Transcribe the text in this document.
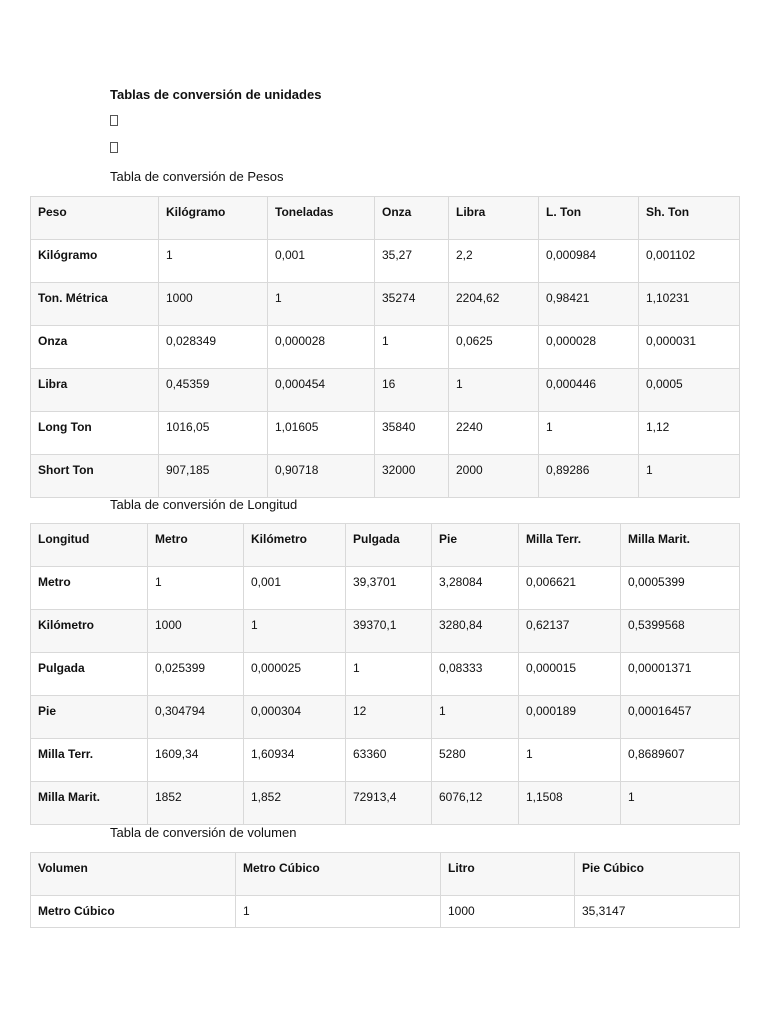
Tablas de conversión de unidades
Tabla de conversión de Pesos
Peso	Kilógramo	Toneladas	Onza	Libra	L. Ton	Sh. Ton
Kilógramo	1	0,001	35,27	2,2	0,000984	0,001102
Ton. Métrica	1000	1	35274	2204,62	0,98421	1,10231
Onza	0,028349	0,000028	1	0,0625	0,000028	0,000031
Libra	0,45359	0,000454	16	1	0,000446	0,0005
Long Ton	1016,05	1,01605	35840	2240	1	1,12
Short Ton	907,185	0,90718	32000	2000	0,89286	1
Tabla de conversión de Longitud
Longitud	Metro	Kilómetro	Pulgada	Pie	Milla Terr.	Milla Marit.
Metro	1	0,001	39,3701	3,28084	0,006621	0,0005399
Kilómetro	1000	1	39370,1	3280,84	0,62137	0,5399568
Pulgada	0,025399	0,000025	1	0,08333	0,000015	0,00001371
Pie	0,304794	0,000304	12	1	0,000189	0,00016457
Milla Terr.	1609,34	1,60934	63360	5280	1	0,8689607
Milla Marit.	1852	1,852	72913,4	6076,12	1,1508	1
Tabla de conversión de volumen
Volumen	Metro Cúbico	Litro	Pie Cúbico
Metro Cúbico	1	1000	35,3147
